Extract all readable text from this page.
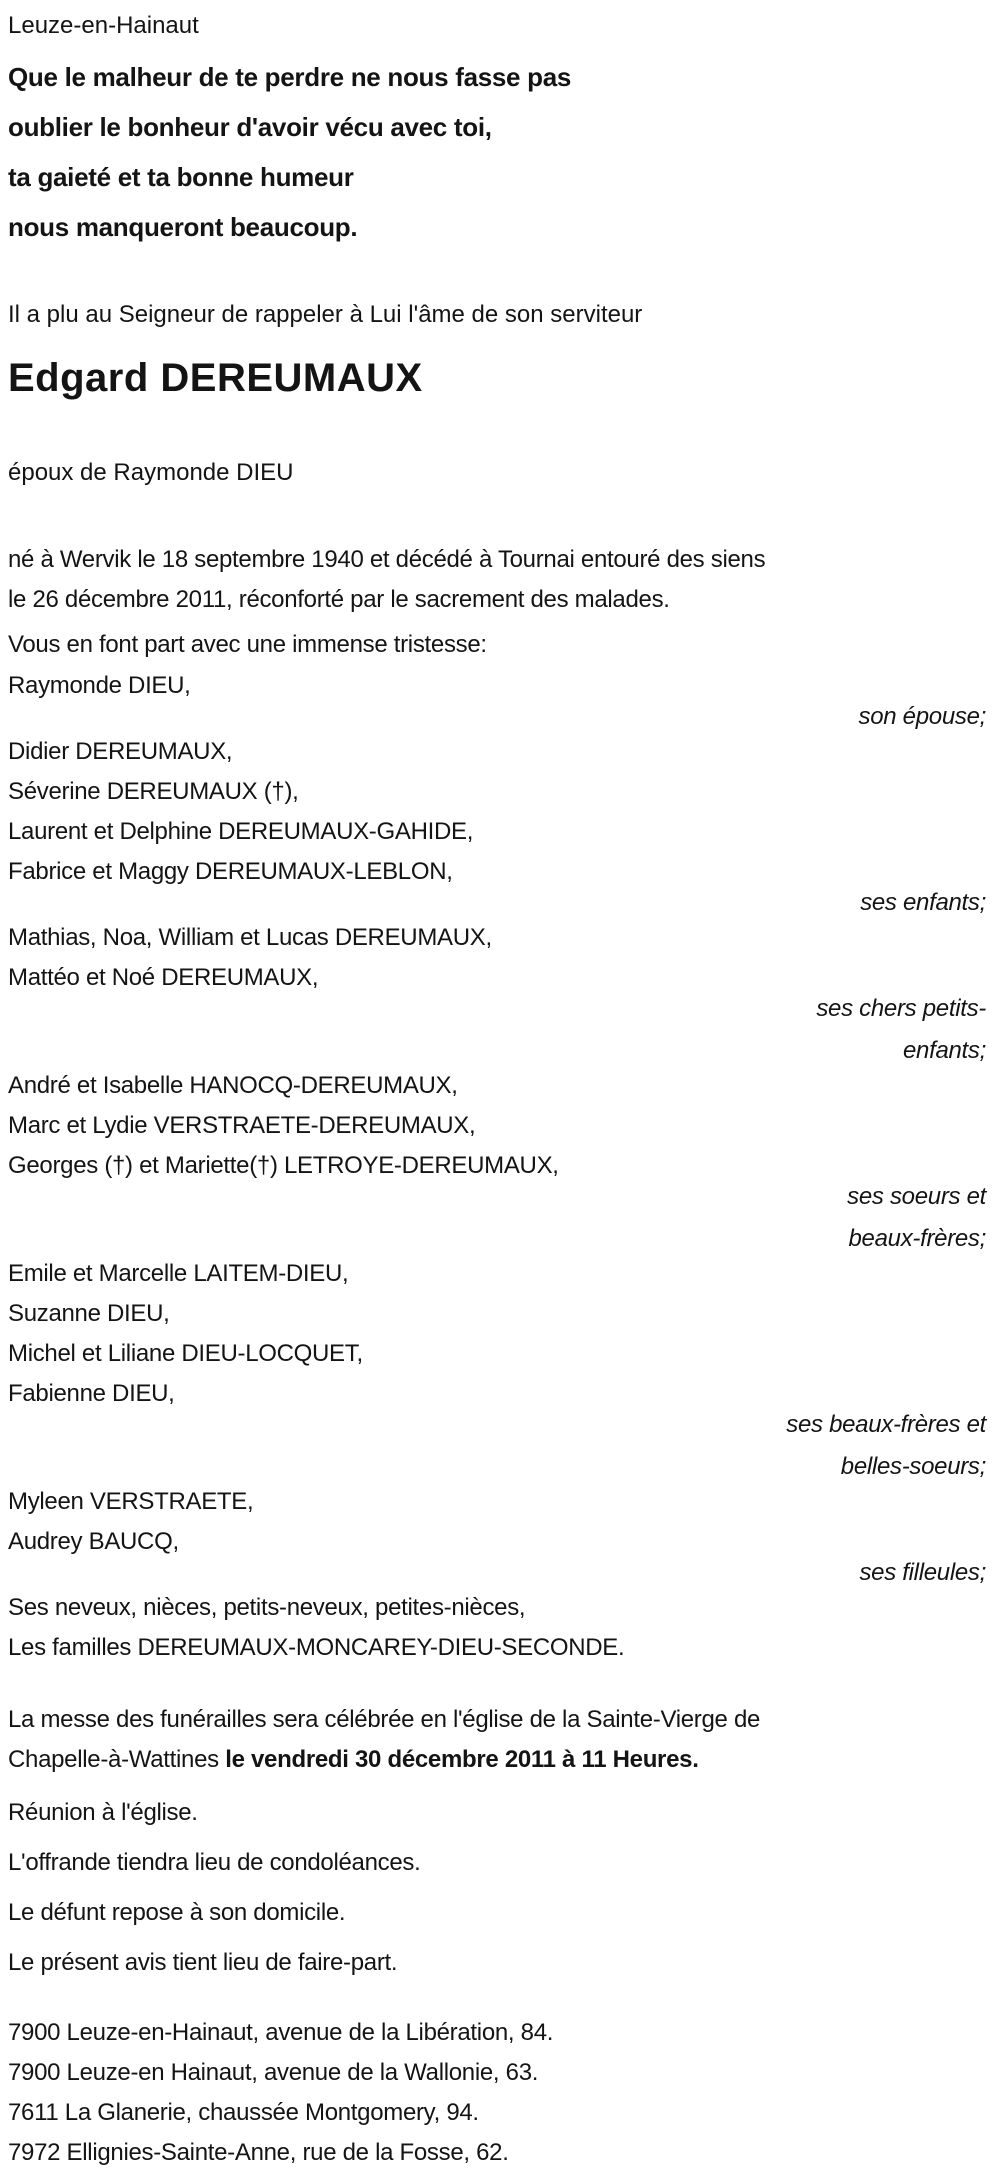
Leuze-en-Hainaut

Que le malheur de te perdre ne nous fasse pas

oublier le bonheur d'avoir vécu avec toi,

ta gaieté et ta bonne humeur

nous manqueront beaucoup.

Il a plu au Seigneur de rappeler à Lui l'âme de son serviteur

Edgard DEREUMAUX

époux de Raymonde DIEU

né à Wervik le 18 septembre 1940 et décédé à Tournai entouré des siens

le 26 décembre 2011, réconforté par le sacrement des malades.

Vous en font part avec une immense tristesse:

Raymonde DIEU,

son épouse;

Didier DEREUMAUX,

Séverine DEREUMAUX (†),

Laurent et Delphine DEREUMAUX-GAHIDE,

Fabrice et Maggy DEREUMAUX-LEBLON,

ses enfants;

Mathias, Noa, William et Lucas DEREUMAUX,

Mattéo et Noé DEREUMAUX,

ses chers petits-

enfants;

André et Isabelle HANOCQ-DEREUMAUX,

Marc et Lydie VERSTRAETE-DEREUMAUX,

Georges (†) et Mariette(†) LETROYE-DEREUMAUX,

ses soeurs et

beaux-frères;

Emile et Marcelle LAITEM-DIEU,

Suzanne DIEU,

Michel et Liliane DIEU-LOCQUET,

Fabienne DIEU,

ses beaux-frères et

belles-soeurs;

Myleen VERSTRAETE,

Audrey BAUCQ,

ses filleules;

Ses neveux, nièces, petits-neveux, petites-nièces,

Les familles DEREUMAUX-MONCAREY-DIEU-SECONDE.

La messe des funérailles sera célébrée en l'église de la Sainte-Vierge de

Chapelle-à-Wattines le vendredi 30 décembre 2011 à 11 Heures.

Réunion à l'église.

L'offrande tiendra lieu de condoléances.

Le défunt repose à son domicile.

Le présent avis tient lieu de faire-part.

7900 Leuze-en-Hainaut, avenue de la Libération, 84.

7900 Leuze-en Hainaut, avenue de la Wallonie, 63.

7611 La Glanerie, chaussée Montgomery, 94.

7972 Ellignies-Sainte-Anne, rue de la Fosse, 62.
